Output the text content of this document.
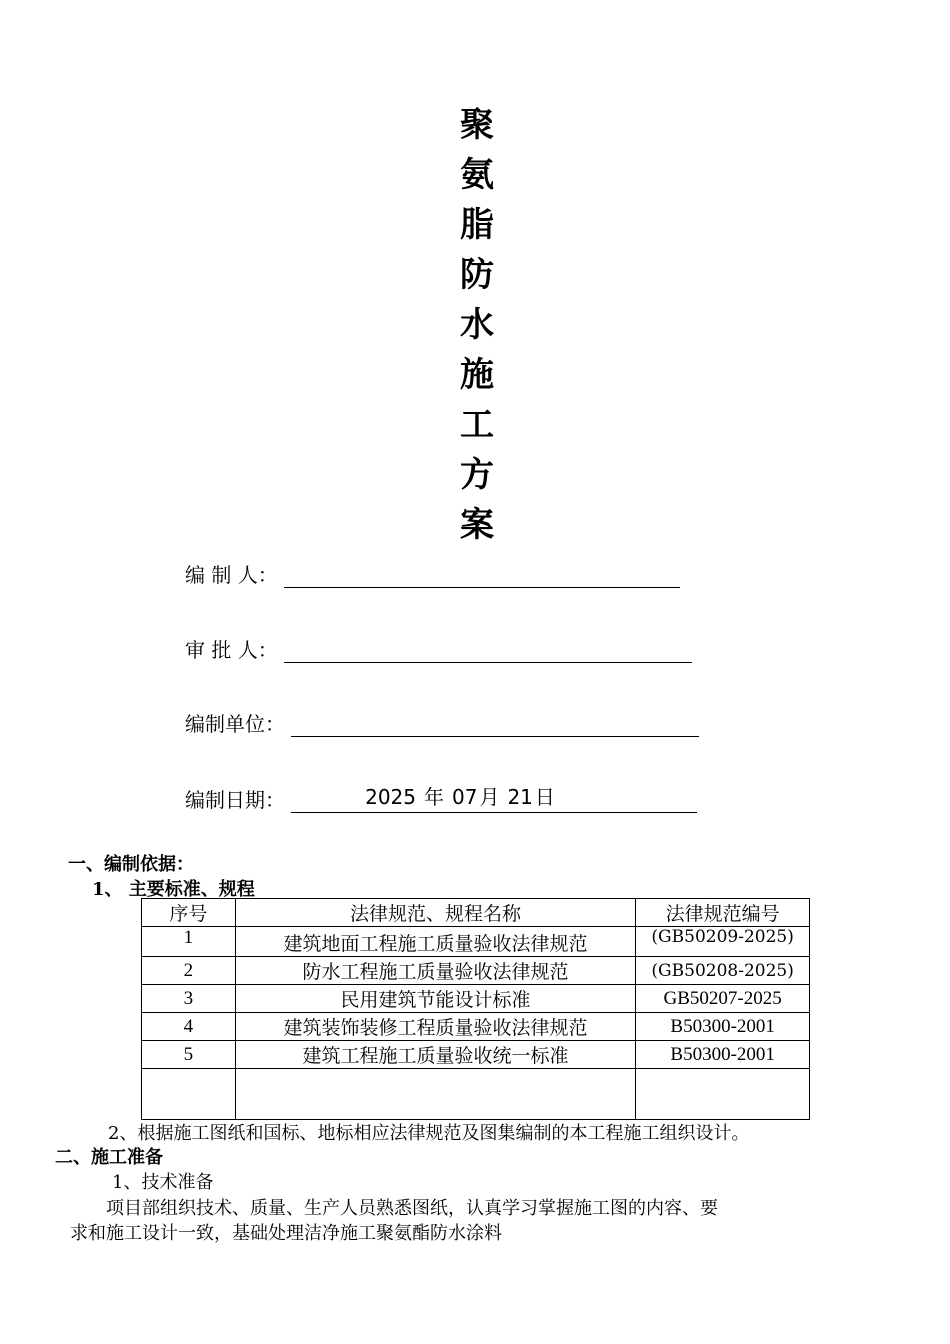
聚
氨
脂
防
水
施
工
方
案
编 制 人：
审 批 人：
编制单位：
编制日期：	2025 年 07 月 21 日
一、编制依据：
1、 主要标准、规程
序号	法律规范、规程名称	法律规范编号
1	建筑地面工程施工质量验收法律规范	(GB50209-2025)
2	防水工程施工质量验收法律规范	(GB50208-2025)
3	民用建筑节能设计标准	GB50207-2025
4	建筑装饰装修工程质量验收法律规范	B50300-2001
5	建筑工程施工质量验收统一标准	B50300-2001

2、根据施工图纸和国标、地标相应法律规范及图集编制的本工程施工组织设计。
二、施工准备
1、技术准备
项目部组织技术、质量、生产人员熟悉图纸，认真学习掌握施工图的内容、要
求和施工设计一致，基础处理洁净施工聚氨酯防水涂料
